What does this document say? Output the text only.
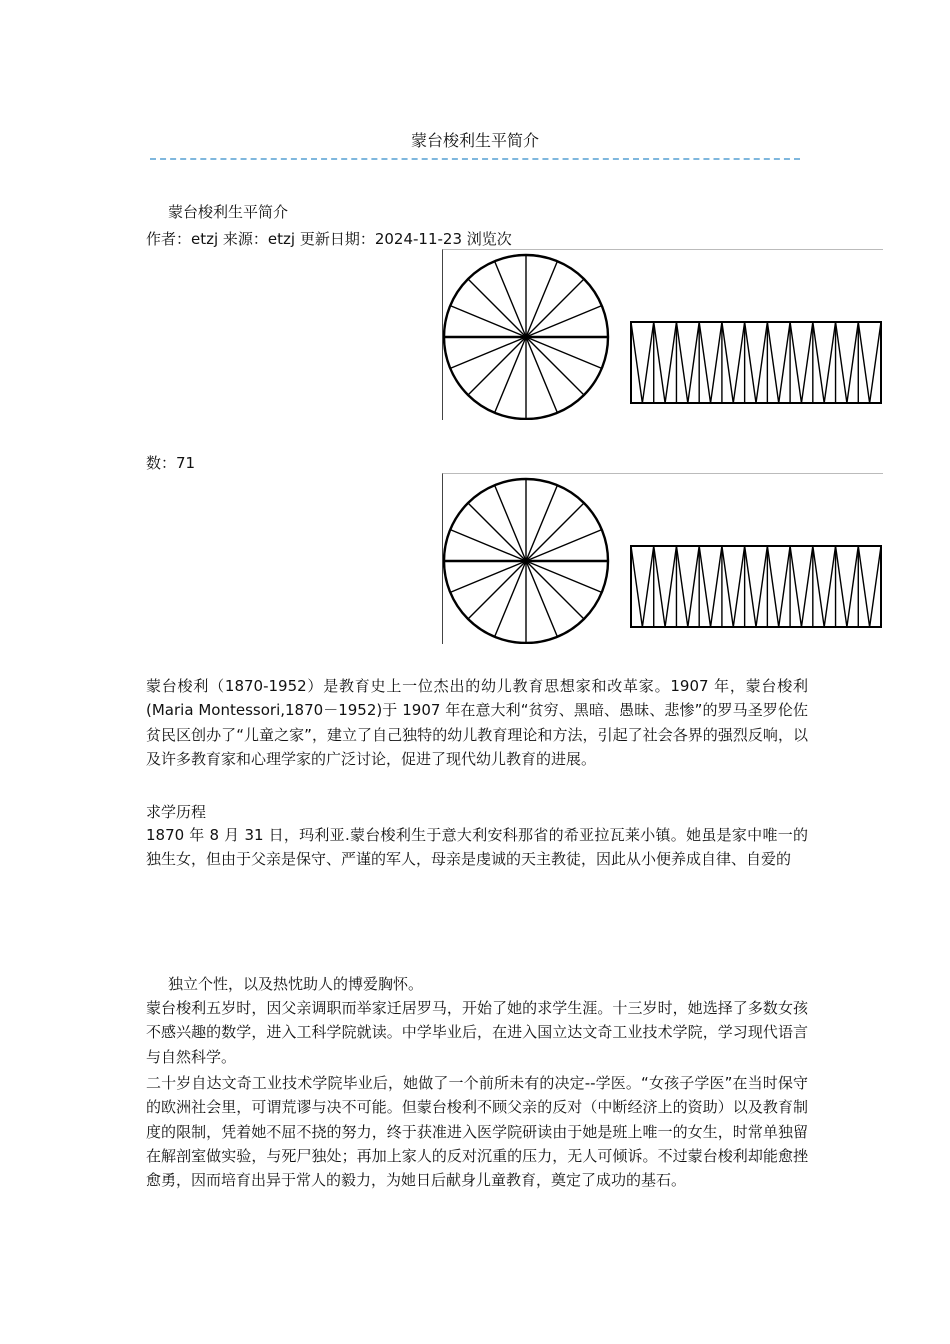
蒙台梭利生平简介
蒙台梭利生平简介
作者：etzj 来源：etzj 更新日期：2024-11-23 浏览次
数：71
蒙台梭利（1870-1952）是教育史上一位杰出的幼儿教育思想家和改革家。1907 年，蒙台梭利(Maria Montessori,1870－1952)于 1907 年在意大利“贫穷、黑暗、愚昧、悲惨”的罗马圣罗伦佐贫民区创办了“儿童之家”，建立了自己独特的幼儿教育理论和方法，引起了社会各界的强烈反响，以及许多教育家和心理学家的广泛讨论，促进了现代幼儿教育的进展。
求学历程
1870 年 8 月 31 日，玛利亚.蒙台梭利生于意大利安科那省的希亚拉瓦莱小镇。她虽是家中唯一的独生女，但由于父亲是保守、严谨的军人，母亲是虔诚的天主教徒，因此从小便养成自律、自爱的
独立个性，以及热忱助人的博爱胸怀。
蒙台梭利五岁时，因父亲调职而举家迁居罗马，开始了她的求学生涯。十三岁时，她选择了多数女孩不感兴趣的数学，进入工科学院就读。中学毕业后，在进入国立达文奇工业技术学院，学习现代语言与自然科学。
二十岁自达文奇工业技术学院毕业后，她做了一个前所未有的决定--学医。“女孩子学医”在当时保守的欧洲社会里，可谓荒谬与决不可能。但蒙台梭利不顾父亲的反对（中断经济上的资助）以及教育制度的限制，凭着她不屈不挠的努力，终于获准进入医学院研读由于她是班上唯一的女生，时常单独留在解剖室做实验，与死尸独处；再加上家人的反对沉重的压力，无人可倾诉。不过蒙台梭利却能愈挫愈勇，因而培育出异于常人的毅力，为她日后献身儿童教育，奠定了成功的基石。
